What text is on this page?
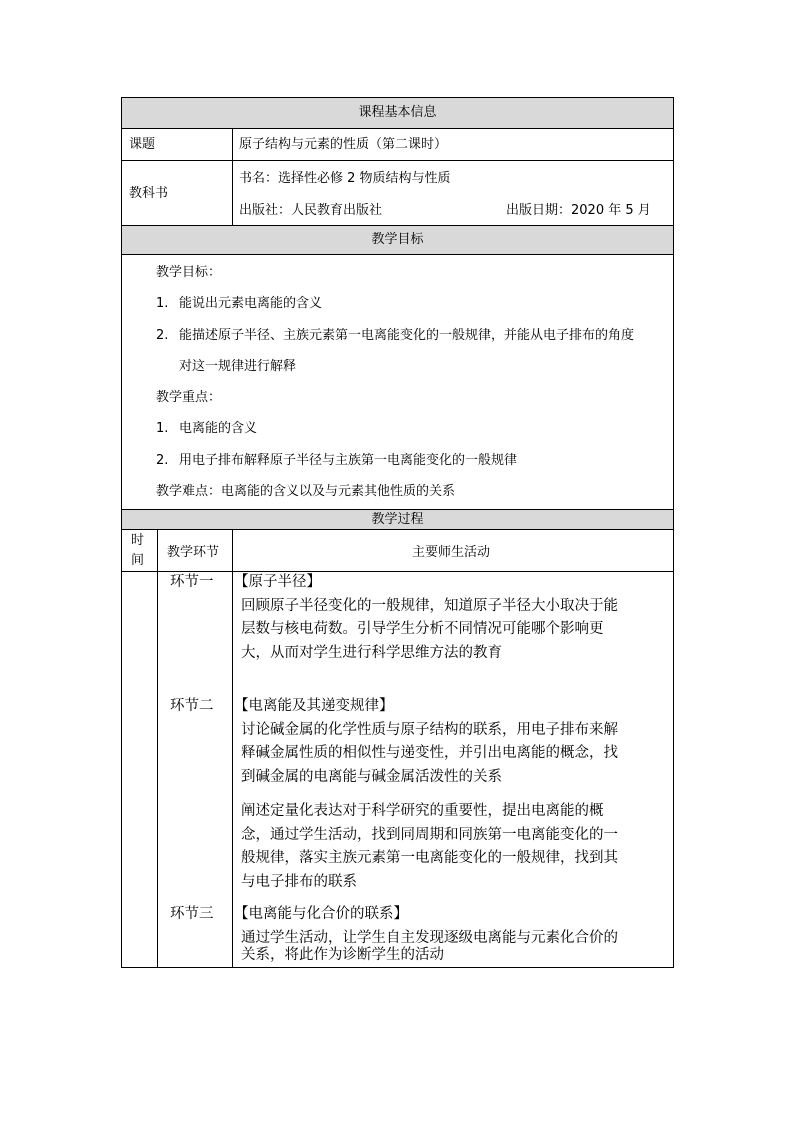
课程基本信息
课题	原子结构与元素的性质（第二课时）
教科书
书名：选择性必修 2 物质结构与性质
出版社：人民教育出版社	出版日期：2020 年 5 月
教学目标
教学目标：
1. 能说出元素电离能的含义
2. 能描述原子半径、主族元素第一电离能变化的一般规律，并能从电子排布的角度
对这一规律进行解释
教学重点：
1. 电离能的含义
2. 用电子排布解释原子半径与主族第一电离能变化的一般规律
教学难点：电离能的含义以及与元素其他性质的关系
教学过程
时
间
教学环节	主要师生活动
环节一 【原子半径】
回顾原子半径变化的一般规律，知道原子半径大小取决于能
层数与核电荷数。引导学生分析不同情况可能哪个影响更
大，从而对学生进行科学思维方法的教育
环节二 【电离能及其递变规律】
讨论碱金属的化学性质与原子结构的联系，用电子排布来解
释碱金属性质的相似性与递变性，并引出电离能的概念，找
到碱金属的电离能与碱金属活泼性的关系
阐述定量化表达对于科学研究的重要性，提出电离能的概
念，通过学生活动，找到同周期和同族第一电离能变化的一
般规律，落实主族元素第一电离能变化的一般规律，找到其
与电子排布的联系
环节三 【电离能与化合价的联系】
通过学生活动，让学生自主发现逐级电离能与元素化合价的
关系，将此作为诊断学生的活动
